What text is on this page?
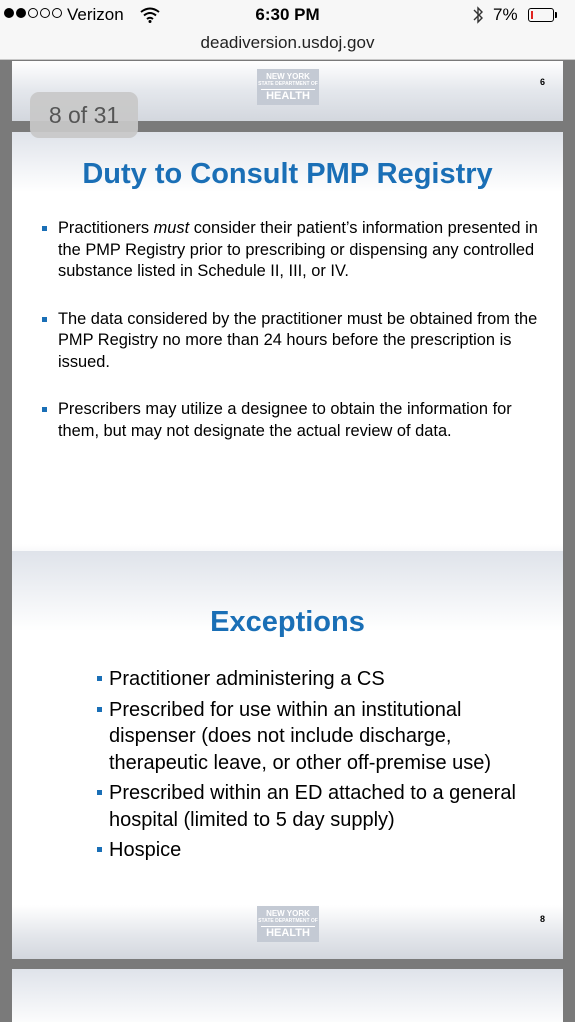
Verizon	6:30 PM	7%
deadiversion.usdoj.gov
NEW YORK
STATE DEPARTMENT OF
HEALTH
6
Duty to Consult PMP Registry
Practitioners must consider their patient’s information presented in the PMP Registry prior to prescribing or dispensing any controlled substance listed in Schedule II, III, or IV.
The data considered by the practitioner must be obtained from the PMP Registry no more than 24 hours before the prescription is issued.
Prescribers may utilize a designee to obtain the information for them, but may not designate the actual review of data.
Exceptions
Practitioner administering a CS
Prescribed for use within an institutional dispenser (does not include discharge, therapeutic leave, or other off-premise use)
Prescribed within an ED attached to a general hospital (limited to 5 day supply)
Hospice
NEW YORK
STATE DEPARTMENT OF
HEALTH
8
8 of 31
